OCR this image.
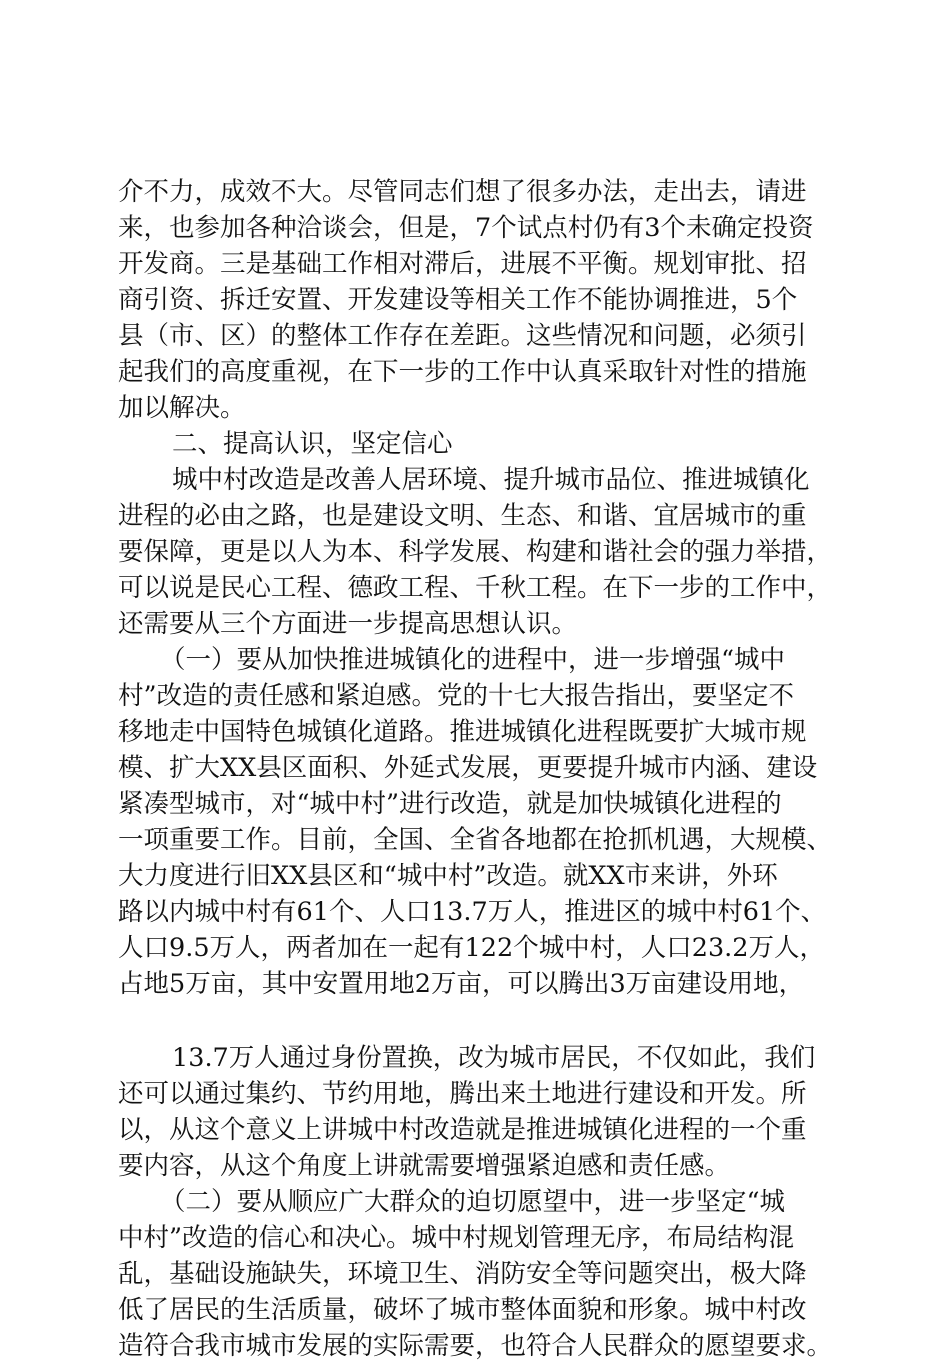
介不力，成效不大。尽管同志们想了很多办法，走出去，请进

来，也参加各种洽谈会，但是，7个试点村仍有3个未确定投资

开发商。三是基础工作相对滞后，进展不平衡。规划审批、招

商引资、拆迁安置、开发建设等相关工作不能协调推进，5个

县（市、区）的整体工作存在差距。这些情况和问题，必须引

起我们的高度重视，在下一步的工作中认真采取针对性的措施

加以解决。

二、提高认识，坚定信心

城中村改造是改善人居环境、提升城市品位、推进城镇化

进程的必由之路，也是建设文明、生态、和谐、宜居城市的重

要保障，更是以人为本、科学发展、构建和谐社会的强力举措，

可以说是民心工程、德政工程、千秋工程。在下一步的工作中，

还需要从三个方面进一步提高思想认识。

（一）要从加快推进城镇化的进程中，进一步增强“城中

村”改造的责任感和紧迫感。党的十七大报告指出，要坚定不

移地走中国特色城镇化道路。推进城镇化进程既要扩大城市规

模、扩大XX县区面积、外延式发展，更要提升城市内涵、建设

紧凑型城市，对“城中村”进行改造，就是加快城镇化进程的

一项重要工作。目前，全国、全省各地都在抢抓机遇，大规模、

大力度进行旧XX县区和“城中村”改造。就XX市来讲，外环

路以内城中村有61个、人口13.7万人，推进区的城中村61个、

人口9.5万人，两者加在一起有122个城中村，人口23.2万人，

占地5万亩，其中安置用地2万亩，可以腾出3万亩建设用地，

13.7万人通过身份置换，改为城市居民，不仅如此，我们

还可以通过集约、节约用地，腾出来土地进行建设和开发。所

以，从这个意义上讲城中村改造就是推进城镇化进程的一个重

要内容，从这个角度上讲就需要增强紧迫感和责任感。

（二）要从顺应广大群众的迫切愿望中，进一步坚定“城

中村”改造的信心和决心。城中村规划管理无序，布局结构混

乱，基础设施缺失，环境卫生、消防安全等问题突出，极大降

低了居民的生活质量，破坏了城市整体面貌和形象。城中村改

造符合我市城市发展的实际需要，也符合人民群众的愿望要求。
